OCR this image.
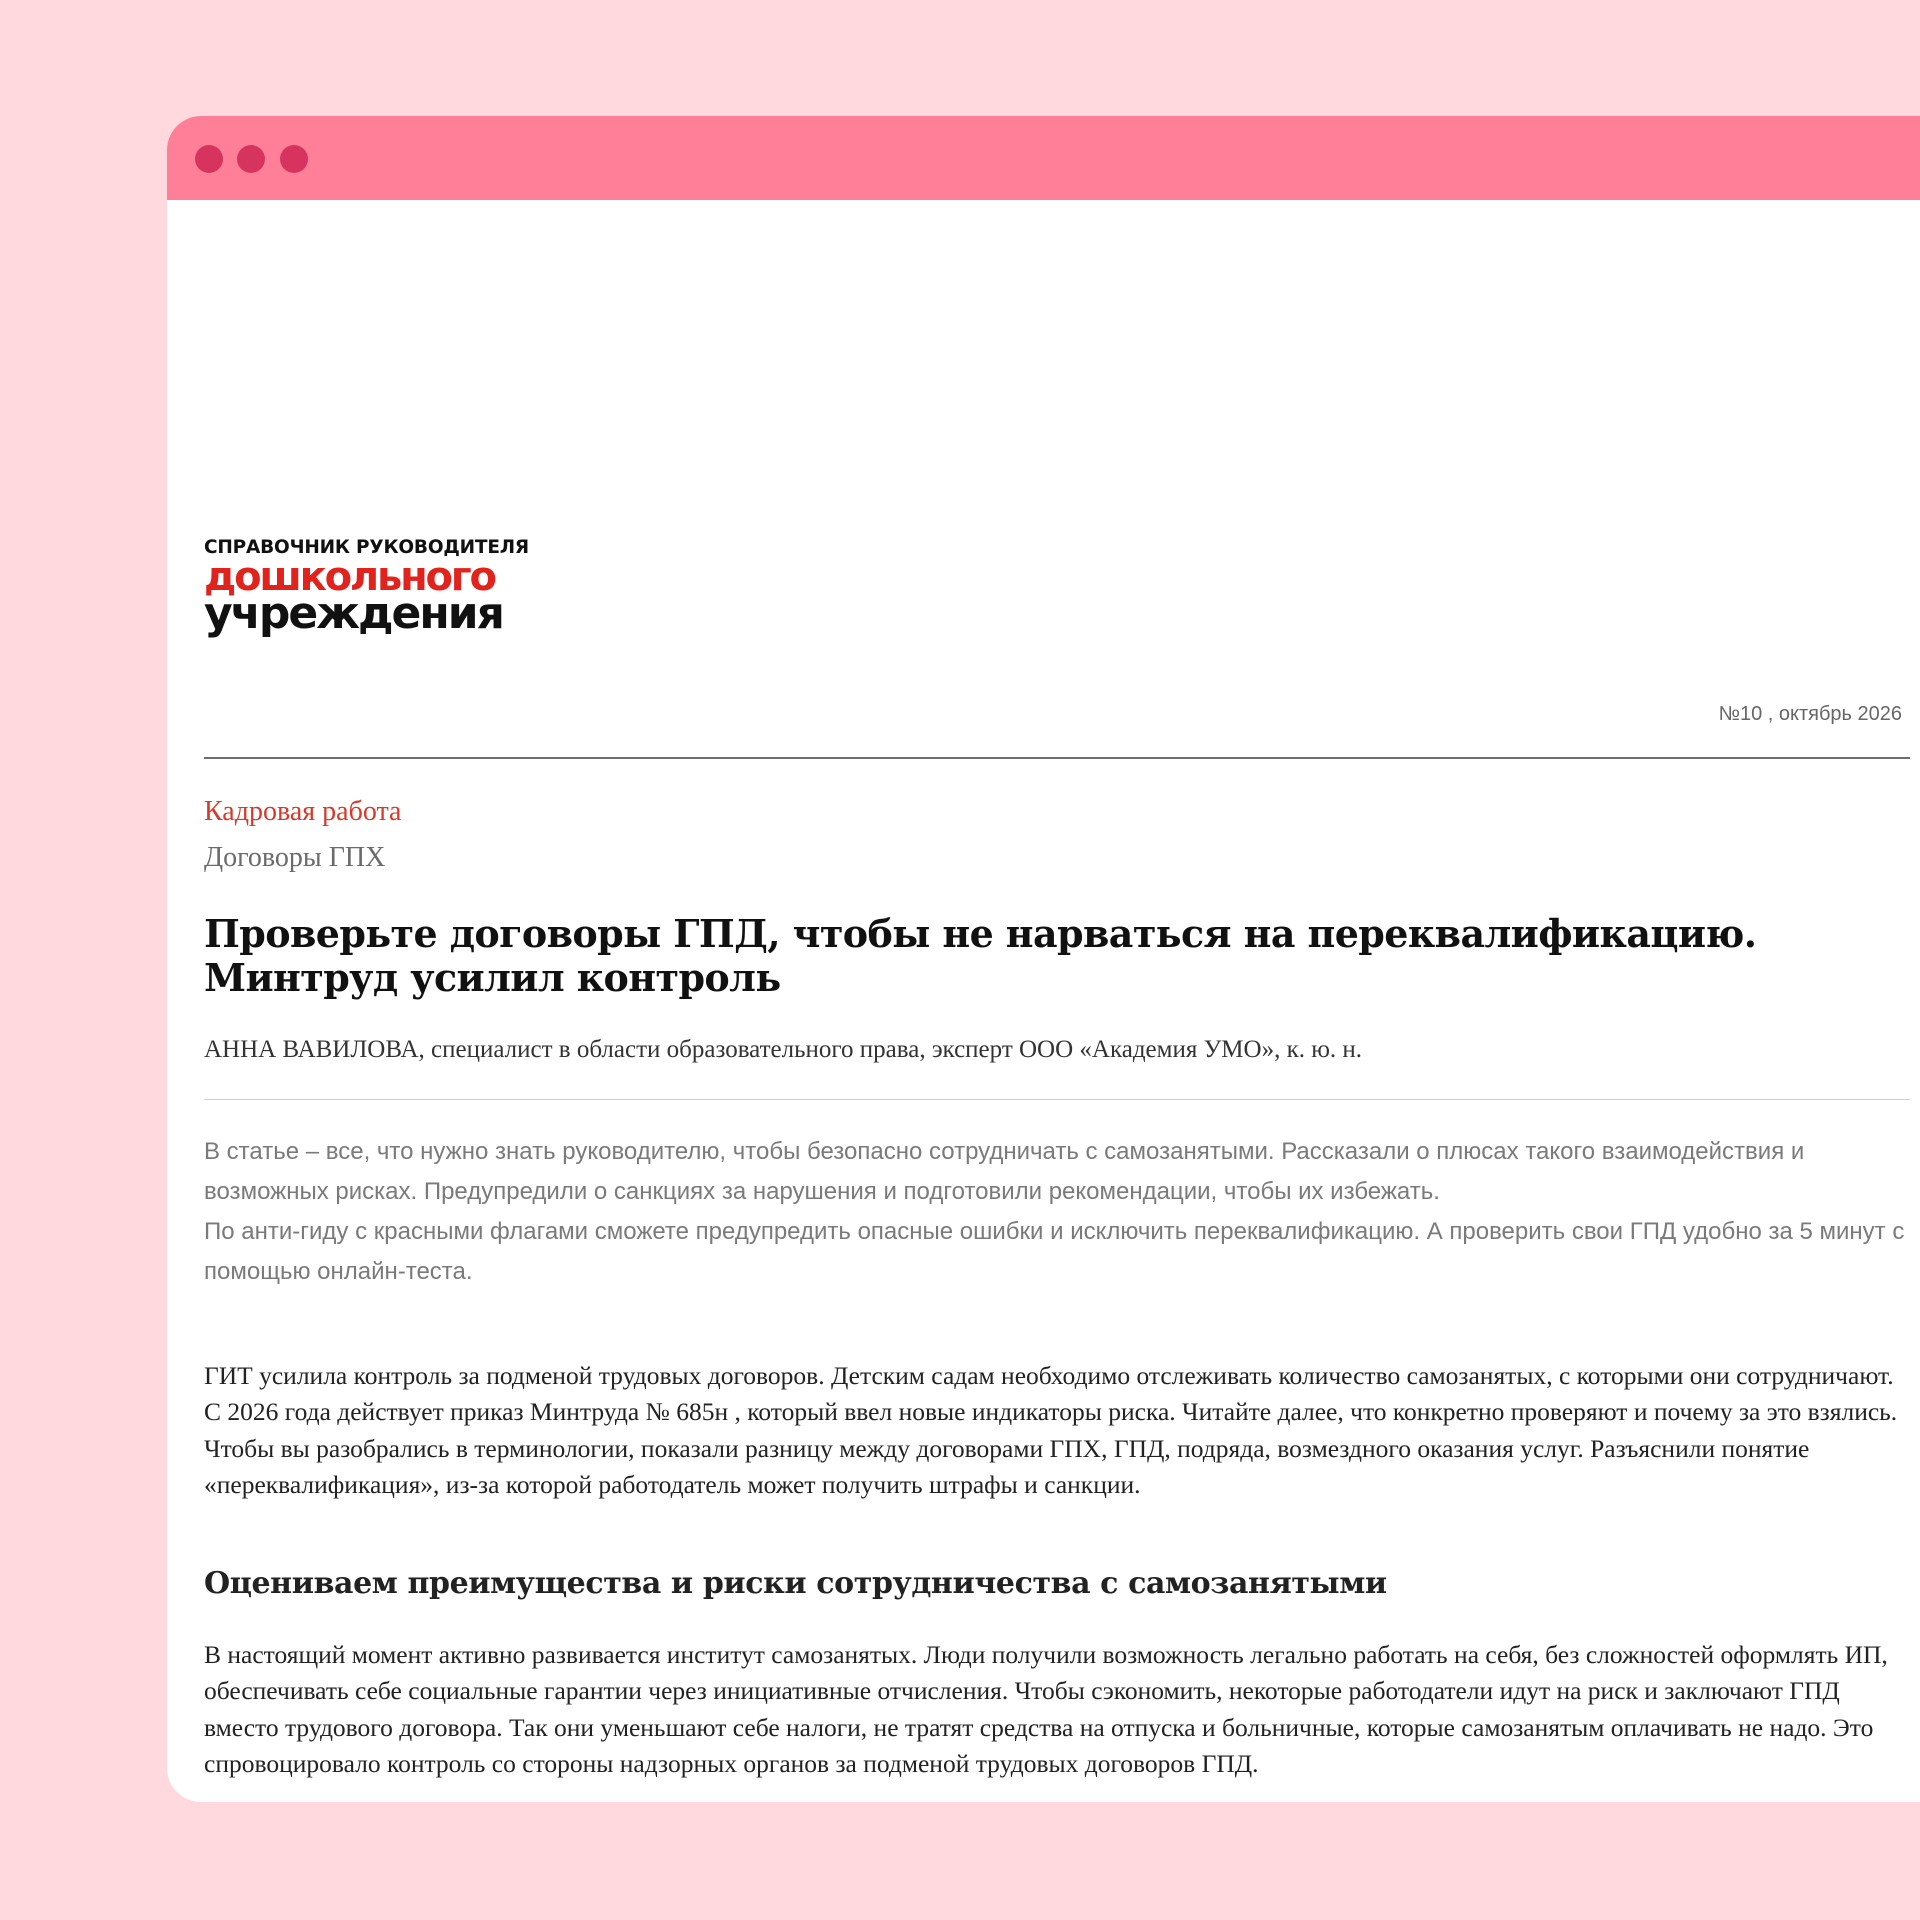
СПРАВОЧНИК РУКОВОДИТЕЛЯ
дошкольного
учреждения
№10 , октябрь 2026
Кадровая работа
Договоры ГПХ
Проверьте договоры ГПД, чтобы не нарваться на переквалификацию. Минтруд усилил контроль
АННА ВАВИЛОВА, специалист в области образовательного права, эксперт ООО «Академия УМО», к. ю. н.

В статье – все, что нужно знать руководителю, чтобы безопасно сотрудничать с самозанятыми. Рассказали о плюсах такого взаимодействия и возможных рисках. Предупредили о санкциях за нарушения и подготовили рекомендации, чтобы их избежать.

По анти-гиду с красными флагами сможете предупредить опасные ошибки и исключить переквалификацию. А проверить свои ГПД удобно за 5 минут с помощью онлайн-теста.

ГИТ усилила контроль за подменой трудовых договоров. Детским садам необходимо отслеживать количество самозанятых, с которыми они сотрудничают. С 2026 года действует приказ Минтруда № 685н , который ввел новые индикаторы риска. Читайте далее, что конкретно проверяют и почему за это взялись. Чтобы вы разобрались в терминологии, показали разницу между договорами ГПХ, ГПД, подряда, возмездного оказания услуг. Разъяснили понятие «переквалификация», из-за которой работодатель может получить штрафы и санкции.

Оцениваем преимущества и риски сотрудничества с самозанятыми

В настоящий момент активно развивается институт самозанятых. Люди получили возможность легально работать на себя, без сложностей оформлять ИП, обеспечивать себе социальные гарантии через инициативные отчисления. Чтобы сэкономить, некоторые работодатели идут на риск и заключают ГПД вместо трудового договора. Так они уменьшают себе налоги, не тратят средства на отпуска и больничные, которые самозанятым оплачивать не надо. Это спровоцировало контроль со стороны надзорных органов за подменой трудовых договоров ГПД.
